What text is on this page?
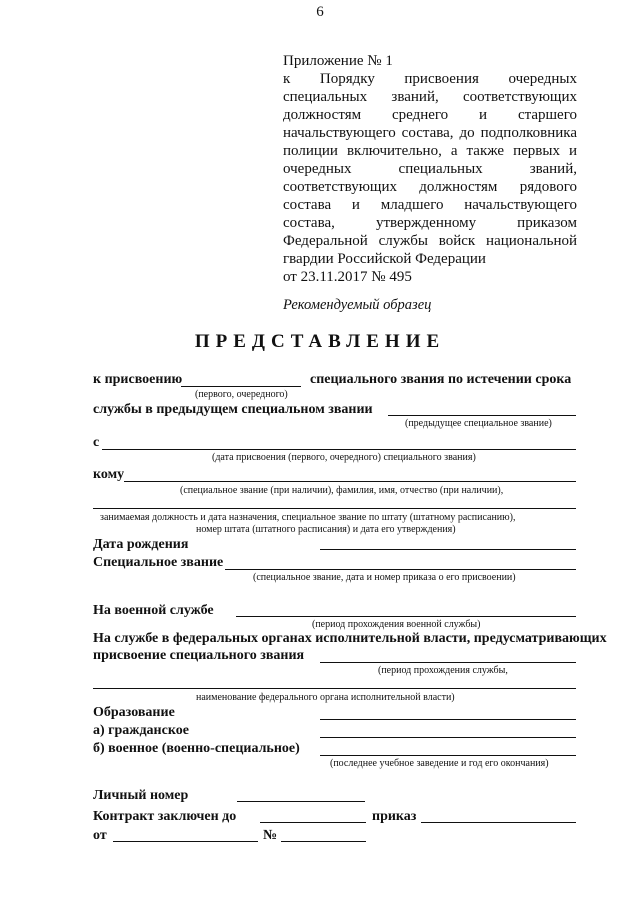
6
Приложение № 1
к Порядку присвоения очередных
специальных званий, соответствующих
должностям среднего и старшего
начальствующего состава, до подполковника
полиции включительно, а также первых и
очередных специальных званий,
соответствующих должностям рядового
состава и младшего начальствующего
состава, утвержденному приказом
Федеральной службы войск национальной
гвардии Российской Федерации
от 23.11.2017 № 495
Рекомендуемый образец
ПРЕДСТАВЛЕНИЕ
к присвоению	специального звания по истечении срока
(первого, очередного)
службы в предыдущем специальном звании
(предыдущее специальное звание)
с
(дата присвоения (первого, очередного) специального звания)
кому
(специальное звание (при наличии), фамилия, имя, отчество (при наличии),
занимаемая должность и дата назначения, специальное звание по штату (штатному расписанию),
номер штата (штатного расписания) и дата его утверждения)
Дата рождения
Специальное звание
(специальное звание, дата и номер приказа о его присвоении)
На военной службе
(период прохождения военной службы)
На службе в федеральных органах исполнительной власти, предусматривающих
присвоение специального звания
(период прохождения службы,
наименование федерального органа исполнительной власти)
Образование
а) гражданское
б) военное (военно-специальное)
(последнее учебное заведение и год его окончания)
Личный номер
Контракт заключен до	приказ
от	№
